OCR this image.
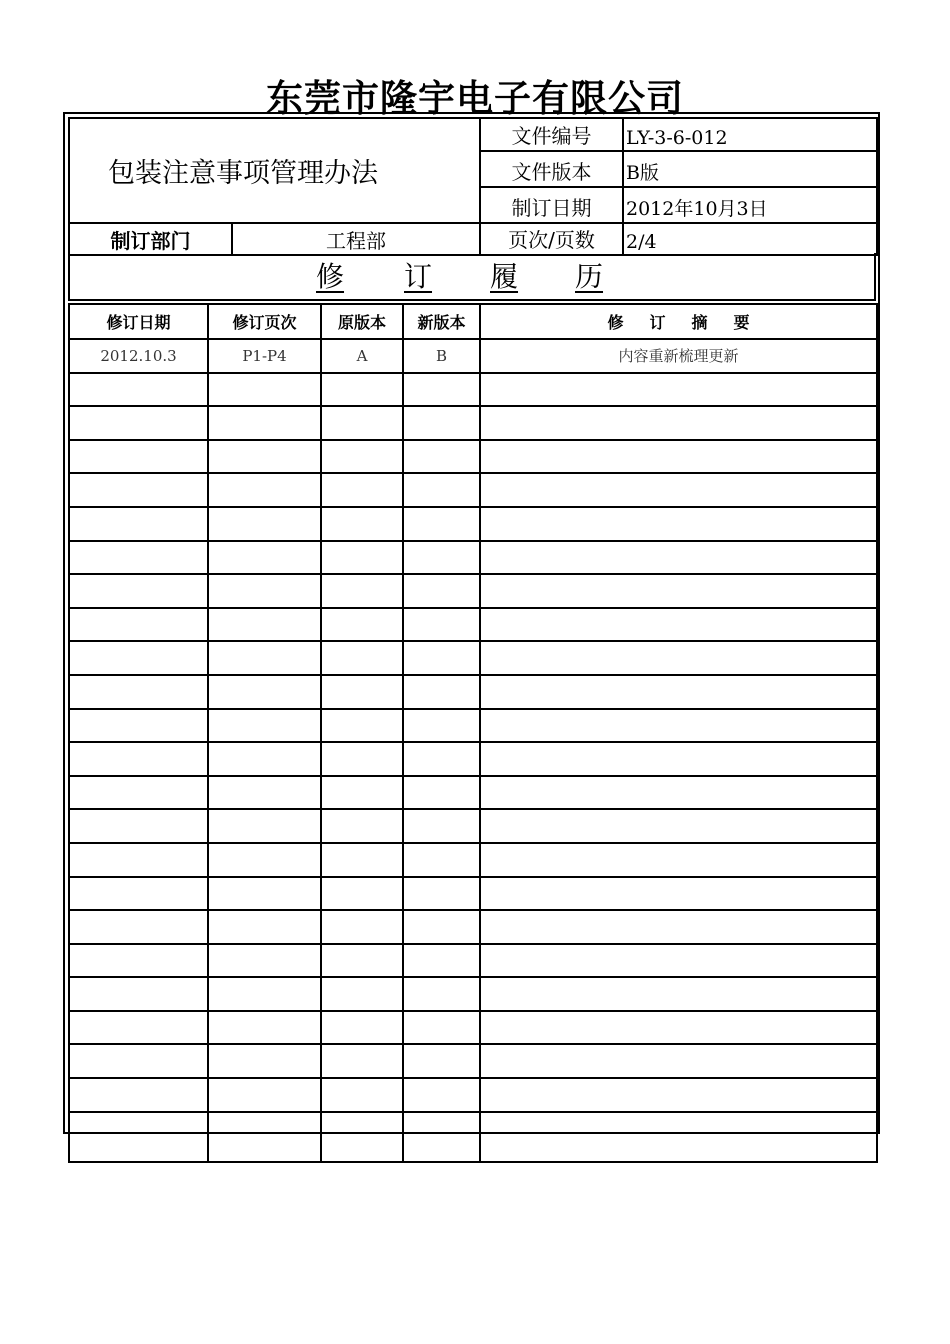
东莞市隆宇电子有限公司
包装注意事项管理办法		文件编号	LY-3-6-012
		文件版本	B版
		制订日期	2012年10月3日
制订部门	工程部	页次/页数	2/4
修 订 履 历
修订日期	修订页次	原版本	新版本	修订摘要
2012.10.3	P1-P4	A	B	内容重新梳理更新
